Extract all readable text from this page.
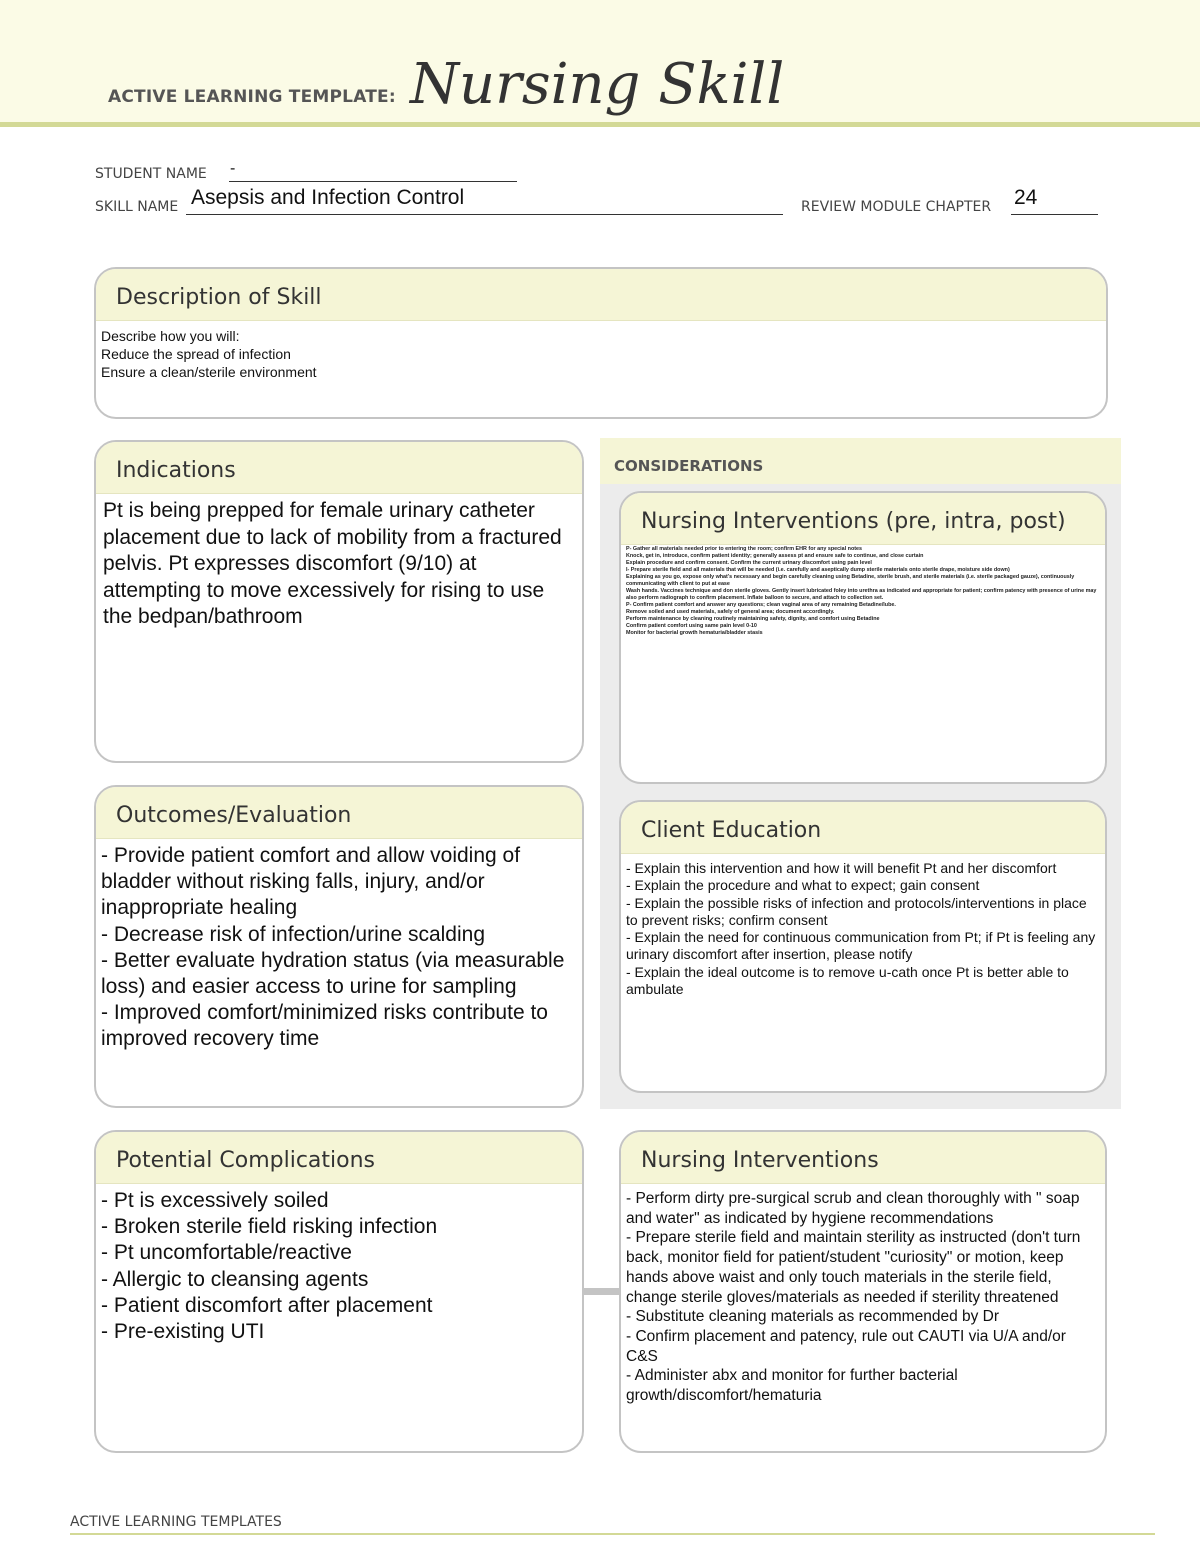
ACTIVE LEARNING TEMPLATE: Nursing Skill
STUDENT NAME -
SKILL NAME Asepsis and Infection Control	REVIEW MODULE CHAPTER 24
Description of Skill
Describe how you will:
Reduce the spread of infection
Ensure a clean/sterile environment
Indications
Pt is being prepped for female urinary catheter placement due to lack of mobility from a fractured pelvis. Pt expresses discomfort (9/10) at attempting to move excessively for rising to use the bedpan/bathroom
CONSIDERATIONS
Nursing Interventions (pre, intra, post)
P- Gather all materials needed prior to entering the room; confirm EHR for any special notes
Knock, get in, introduce, confirm patient identity; generally assess pt and ensure safe to continue, and close curtain
Explain procedure and confirm consent. Confirm the current urinary discomfort using pain level
I- Prepare sterile field and all materials that will be needed (i.e. carefully and aseptically dump sterile materials onto sterile drape, moisture side down)
Explaining as you go, expose only what's necessary and begin carefully cleaning using Betadine, sterile brush, and sterile materials (i.e. sterile packaged gauze), continuously communicating with client to put at ease
Wash hands. Vaccines technique and don sterile gloves. Gently insert lubricated foley into urethra as indicated and appropriate for patient; confirm patency with presence of urine may also perform radiograph to confirm placement. Inflate balloon to secure, and attach to collection set.
P- Confirm patient comfort and answer any questions; clean vaginal area of any remaining Betadine/lube.
Remove soiled and used materials, safely of general area; document accordingly.
Perform maintenance by cleaning routinely maintaining safety, dignity, and comfort using Betadine
Confirm patient comfort using same pain level 0-10
Monitor for bacterial growth hematuria/bladder stasis
Client Education
- Explain this intervention and how it will benefit Pt and her discomfort
- Explain the procedure and what to expect; gain consent
- Explain the possible risks of infection and protocols/interventions in place to prevent risks; confirm consent
- Explain the need for continuous communication from Pt; if Pt is feeling any urinary discomfort after insertion, please notify
- Explain the ideal outcome is to remove u-cath once Pt is better able to ambulate
Outcomes/Evaluation
- Provide patient comfort and allow voiding of bladder without risking falls, injury, and/or inappropriate healing
- Decrease risk of infection/urine scalding
- Better evaluate hydration status (via measurable loss) and easier access to urine for sampling
- Improved comfort/minimized risks contribute to improved recovery time
Potential Complications
- Pt is excessively soiled
- Broken sterile field risking infection
- Pt uncomfortable/reactive
- Allergic to cleansing agents
- Patient discomfort after placement
- Pre-existing UTI
Nursing Interventions
- Perform dirty pre-surgical scrub and clean thoroughly with " soap and water" as indicated by hygiene recommendations
- Prepare sterile field and maintain sterility as instructed (don't turn back, monitor field for patient/student "curiosity" or motion, keep hands above waist and only touch materials in the sterile field, change sterile gloves/materials as needed if sterility threatened
- Substitute cleaning materials as recommended by Dr
- Confirm placement and patency, rule out CAUTI via U/A and/or C&S
- Administer abx and monitor for further bacterial growth/discomfort/hematuria
ACTIVE LEARNING TEMPLATES
